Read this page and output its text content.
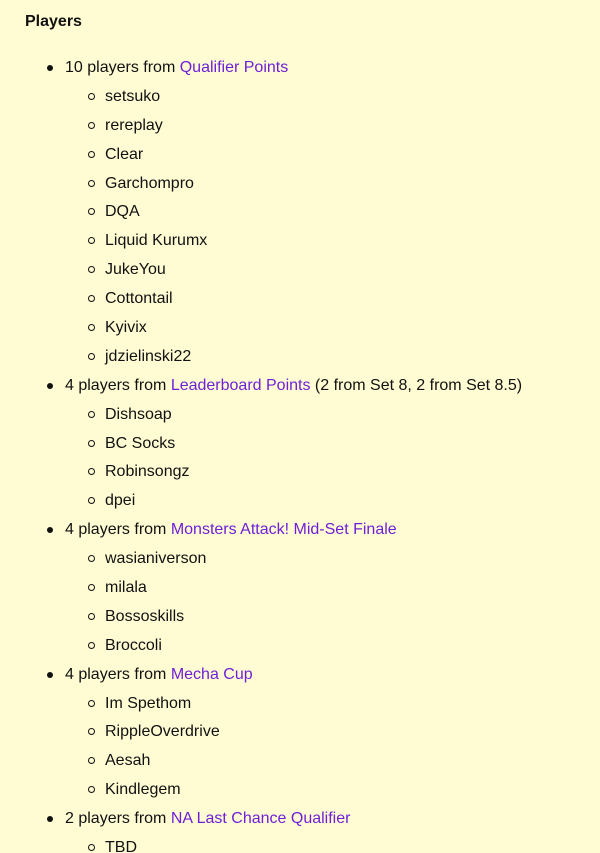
Players
10 players from Qualifier Points
setsuko
rereplay
Clear
Garchompro
DQA
Liquid Kurumx
JukeYou
Cottontail
Kyivix
jdzielinski22
4 players from Leaderboard Points (2 from Set 8, 2 from Set 8.5)
Dishsoap
BC Socks
Robinsongz
dpei
4 players from Monsters Attack! Mid-Set Finale
wasianiverson
milala
Bossoskills
Broccoli
4 players from Mecha Cup
Im Spethom
RippleOverdrive
Aesah
Kindlegem
2 players from NA Last Chance Qualifier
TBD
